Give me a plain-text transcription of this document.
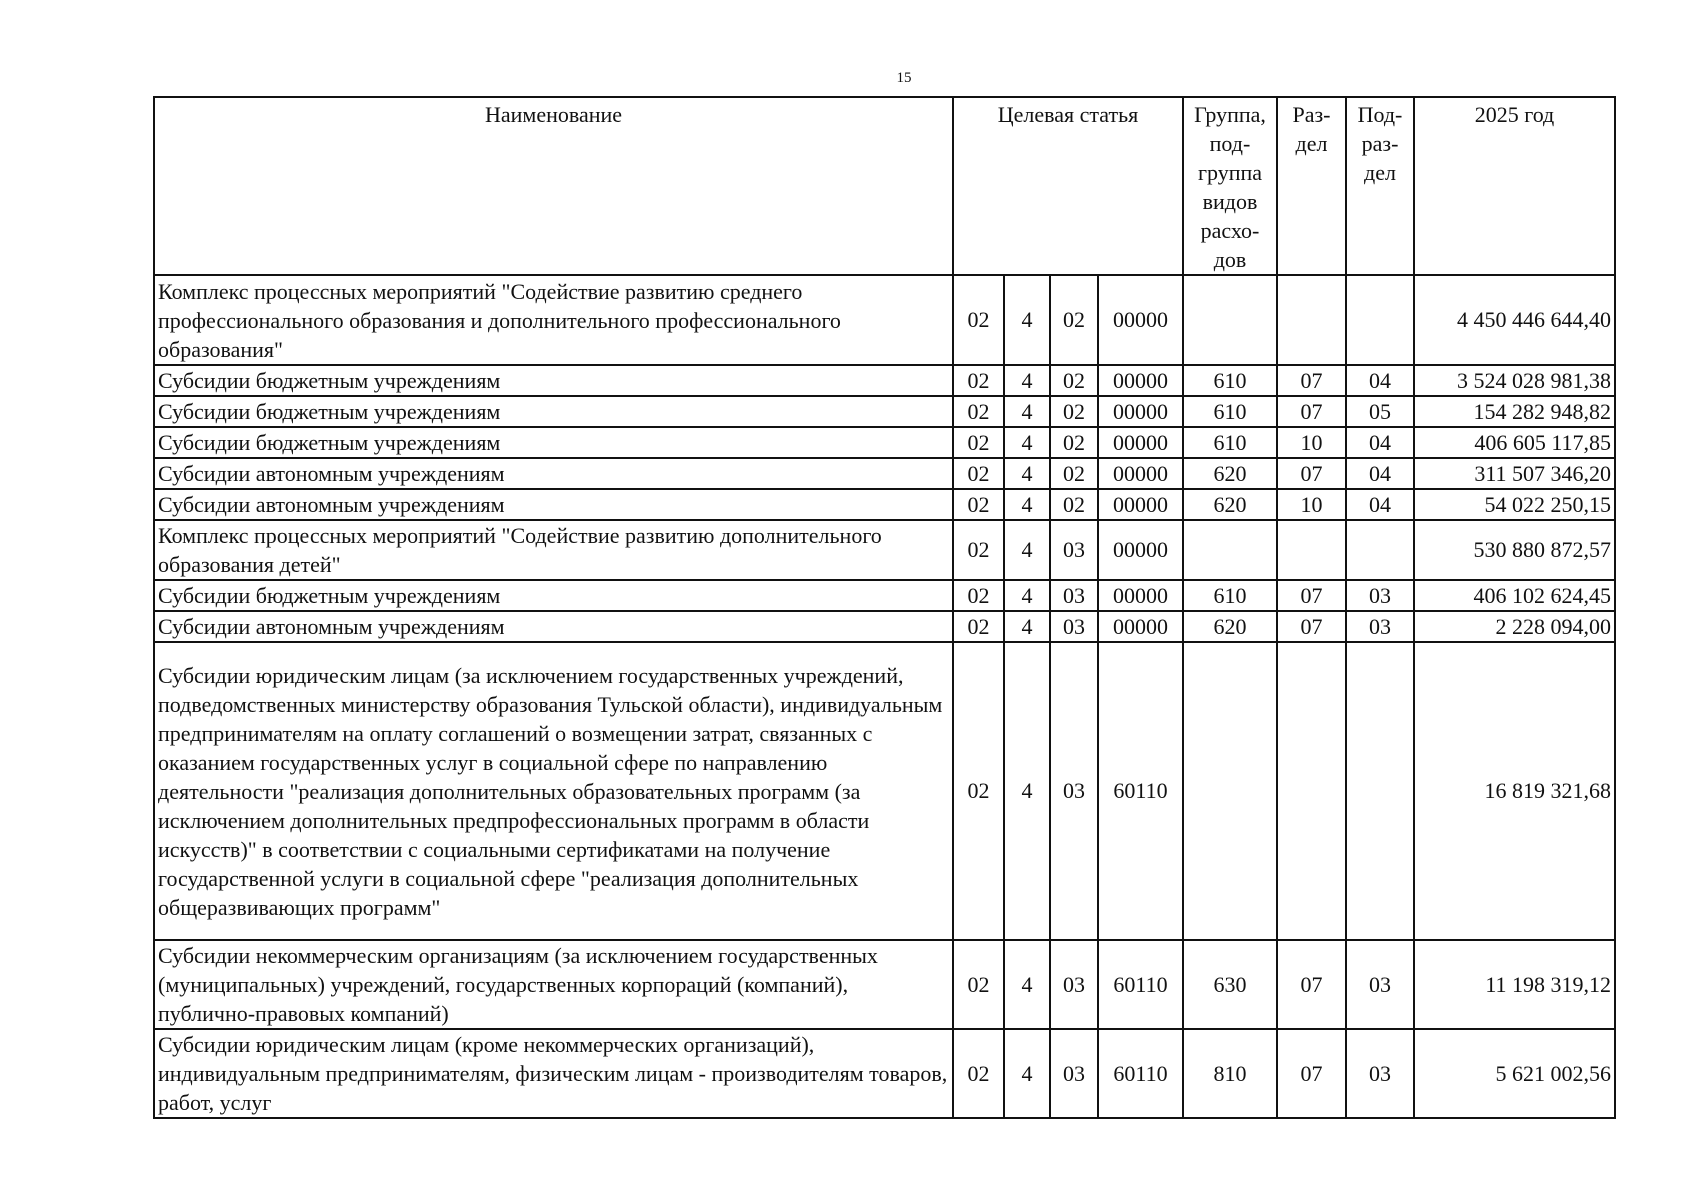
15
Наименование	Целевая статья				Группа, под-группа видов расхо-дов	Раз-дел	Под-раз-дел	2025 год
Комплекс процессных мероприятий "Содействие развитию среднего профессионального образования и дополнительного профессионального образования"	02	4	02	00000				4 450 446 644,40
Субсидии бюджетным учреждениям	02	4	02	00000	610	07	04	3 524 028 981,38
Субсидии бюджетным учреждениям	02	4	02	00000	610	07	05	154 282 948,82
Субсидии бюджетным учреждениям	02	4	02	00000	610	10	04	406 605 117,85
Субсидии автономным учреждениям	02	4	02	00000	620	07	04	311 507 346,20
Субсидии автономным учреждениям	02	4	02	00000	620	10	04	54 022 250,15
Комплекс процессных мероприятий "Содействие развитию дополнительного образования детей"	02	4	03	00000				530 880 872,57
Субсидии бюджетным учреждениям	02	4	03	00000	610	07	03	406 102 624,45
Субсидии автономным учреждениям	02	4	03	00000	620	07	03	2 228 094,00
Субсидии юридическим лицам (за исключением государственных учреждений, подведомственных министерству образования Тульской области), индивидуальным предпринимателям на оплату соглашений о возмещении затрат, связанных с оказанием государственных услуг в социальной сфере по направлению деятельности "реализация дополнительных образовательных программ (за исключением дополнительных предпрофессиональных программ в области искусств)" в соответствии с социальными сертификатами на получение государственной услуги в социальной сфере "реализация дополнительных общеразвивающих программ"	02	4	03	60110				16 819 321,68
Субсидии некоммерческим организациям (за исключением государственных (муниципальных) учреждений, государственных корпораций (компаний), публично-правовых компаний)	02	4	03	60110	630	07	03	11 198 319,12
Субсидии юридическим лицам (кроме некоммерческих организаций), индивидуальным предпринимателям, физическим лицам - производителям товаров, работ, услуг	02	4	03	60110	810	07	03	5 621 002,56
